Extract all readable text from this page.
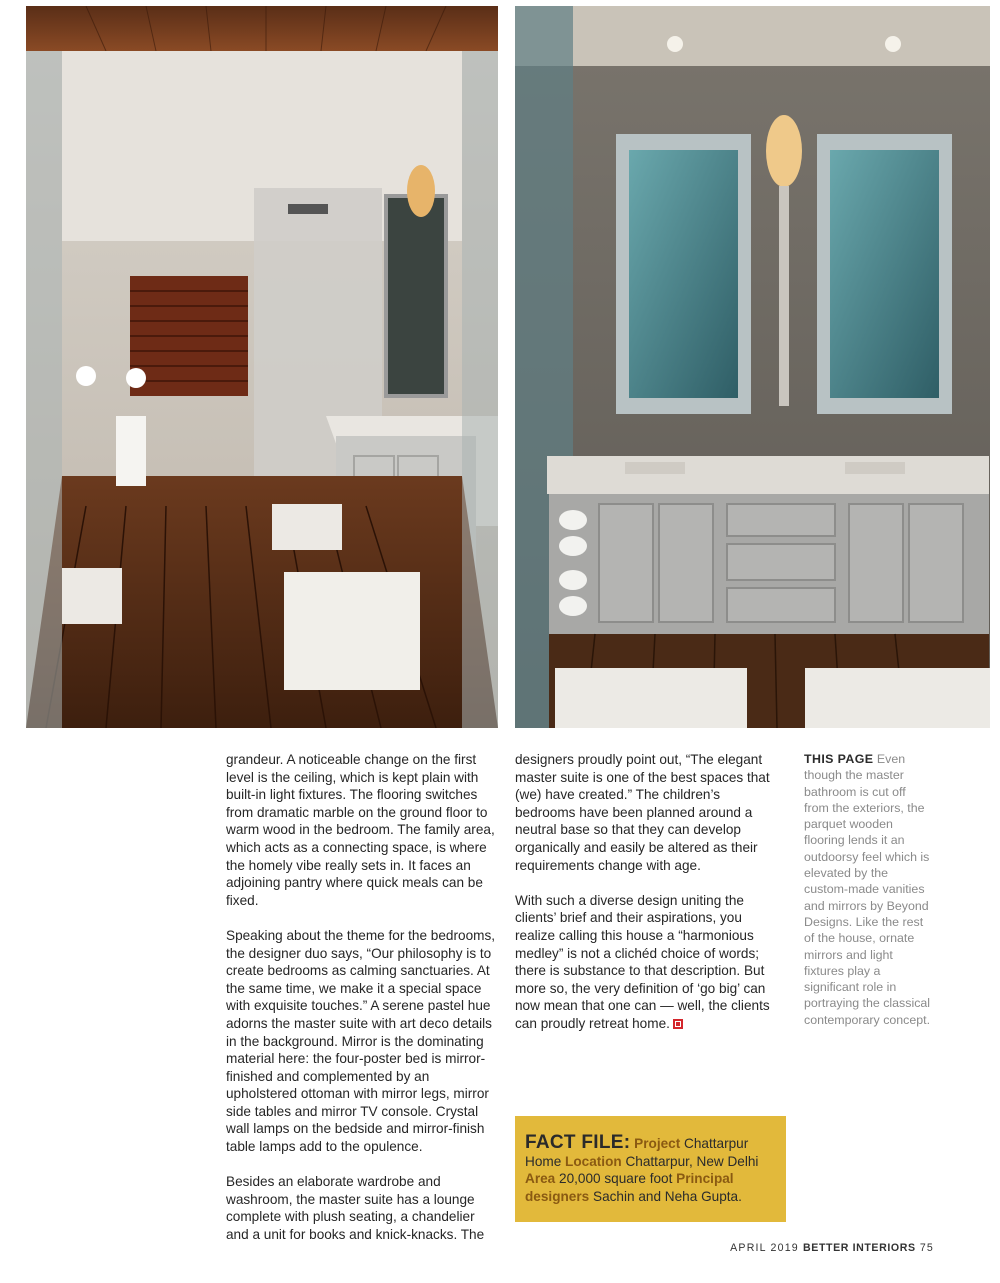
grandeur. A noticeable change on the first level is the ceiling, which is kept plain with built-in light fixtures. The flooring switches from dramatic marble on the ground floor to warm wood in the bedroom. The family area, which acts as a connecting space, is where the homely vibe really sets in. It faces an adjoining pantry where quick meals can be fixed.

Speaking about the theme for the bedrooms, the designer duo says, “Our philosophy is to create bedrooms as calming sanctuaries. At the same time, we make it a special space with exquisite touches.” A serene pastel hue adorns the master suite with art deco details in the background. Mirror is the dominating material here: the four-poster bed is mirror-finished and complemented by an upholstered ottoman with mirror legs, mirror side tables and mirror TV console. Crystal wall lamps on the bedside and mirror-finish table lamps add to the opulence.

Besides an elaborate wardrobe and washroom, the master suite has a lounge complete with plush seating, a chandelier and a unit for books and knick-knacks. The

designers proudly point out, “The elegant master suite is one of the best spaces that (we) have created.” The children’s bedrooms have been planned around a neutral base so that they can develop organically and easily be altered as their requirements change with age.

With such a diverse design uniting the clients’ brief and their aspirations, you realize calling this house a “harmonious medley” is not a clichéd choice of words; there is substance to that description. But more so, the very definition of ‘go big’ can now mean that one can — well, the clients can proudly retreat home.

THIS PAGE Even though the master bathroom is cut off from the exteriors, the parquet wooden flooring lends it an outdoorsy feel which is elevated by the custom-made vanities and mirrors by Beyond Designs. Like the rest of the house, ornate mirrors and light fixtures play a significant role in portraying the classical contemporary concept.
FACT FILE: Project Chattarpur Home Location Chattarpur, New Delhi Area 20,000 square foot Principal designers Sachin and Neha Gupta.
APRIL 2019 BETTER INTERIORS 75
